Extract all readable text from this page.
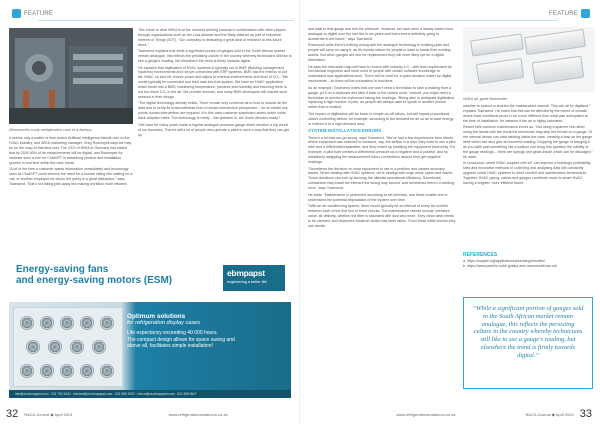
FEATURE
Woolworths rusty refrigeration rack in a factory

It seems only a matter of time before Artificial Intelligence bleeds over to the HVAC industry, and WIKA marketing manager, Greg Roszmyek says we may be on the cusp of that time now. The CEO of WIKA in Germany has stated that by 2030 80% of its measurements will be digital, and Roszmyek for instance sees a role for ChatGPT in answering product and installation queries in real time within the near future.

“A lot of the time a customer wants information immediately and technology such as ChatGPT could remove the need for a human sitting idle waiting for a call, or another employee for whom the query is a great distraction,” says Townsend. That's not taking jobs away but making workflow more efficient.

This future is what WIKA is at the moment working towards in collaboration with other players through organisations such as the Lora Alliance and the Misty Alliance as part of Industrial Internet of Things (IIOT). “Our company is dedicating a great deal of research to this future trend.”

Townsend explains that while a significant portion of gauges sold in the South African market remain analogue, this reflects the persisting culture in the country whereby technicians still like to see a gauge's reading, but elsewhere the trend is firmly towards digital.

He explains that digitisation of HVAC systems is typically run in BMS (Building management Systems) environments and not yet connected with ERP systems. BMS has the metrics to put the HVAC on and off, reduce power and adjust to external environments and level of CO₂. “We would typically be connected and feed data into that system. We have an HVAC application which feeds into a BMS, monitoring temperature, pressure and humidity and ensuring there is not too much CO₂ in the air. We provide sensors, and many BMS developers will include such sensors in their design.

“The digital technology already exists. There remain only concerns as to how to include all the data and to verify its trustworthiness from a human intersection perspective – for at certain key points human intervention are required. It is this area customer scepticism arises which holds back adoption rates. The technology is ready – the question is, are South Africans ready?

“We have for many years made a regular analogue pressure gauge which remains a big chunk of our business. There's still a lot of people who operate a plant in such a way that they can get up

Energy-saving fans
and energy-saving motors (ESM)
ebmpapst
engineering a better life
Optimum solutions
for refrigeration display cases
Life expectancy exceeding 40 000 hours.
The compact design allows for space saving and
above all, facilitates simple installation!
info@za.ebmpapst.com · 011 794 3434 · info.bm@za.ebmpapst.com · 031 569 1903 · info.ct@za.ebmpapst.com · 021 555 9547
32 RACA Journal ◆ April 2024	www.refrigerationandaircon.co.za
FEATURE

and walk to that gauge and see the pressure. However, we have seen a steady switch from analogue to digital over the last five to six years and that trend is definitely going to accelerate in the future,” says Townsend.

Roszmyek adds there's nothing wrong with the analogue technology in existing plant and people will carry on using it, as it's human nature for people to want to tweak their existing assets. But when gauges are due for replacement they will more likely opt for a digital alternative.

He says the education map will have to evolve with industry 4.0 – with less requirement for mechanical engineers and more need of people with certain software knowledge to understand how applications work. There will be need for a quick decision matrix by digital instruments – so there will be a transition in functions.

As an example, Townsend notes that one won't need a technician to take a reading from a gauge, jot it on a clipboard and take it back to the control room. Instead, you might need a technician to service the instrument taking the readings. “Being able to anticipate digitisation replacing a high number of jobs, as people will always want to speak to another person rather than a chatbot.

The impact of digitisation will be lower in simple on-off valves, but will impact proportional valves controlling airflow, for example, according to the demand for air so as to save energy or redirect it to a high-demand area.

SYSTEM INSTALLATION ERRORS

There's a lot that can go wrong, says Townsend. “We've had a few experiences from clients where equipment was selected to measure, say, the airflow in a duct: they want to use a pitot tube and a differential transmitter, and they ended up installing the equipment incorrectly. For example, a pitot tube creates a differential pressure as a negative and a positive, and by mistakenly swapping the measurement tubes connections around they get negative readings.

“Sometimes the decision on what equipment to use is a problem and causes accuracy issues. When dealing with HVAC systems, we're dealing with huge ducts, pipes and valves. These decisions can end up skewing the ultimate operational efficiency. Sometimes contractors may install the element the wrong way around, and sometimes there's a welding error,” says Townsend.

He adds: “Maintenance is performed according to set intervals, and these enable one to understand the potential degradation of the system over time.

“With an air-conditioning system, there would typically be an interval of every six months between each of the first two or three checks. The maintenance checks include: pressure value, air delivery, whether the filter is saturated with dust and more. They clean what needs to be cleaned, and document whatever action has been taken. From these initial checks they can decide

WIKA air-gride flowmeter

whether to extend or shorten the maintenance interval. This can all be digitised,” explains Townsend. He notes that this can be affected by the extent of climate where local conditions prove to be much different from what was anticipated at the time of installation, for instance if the air is highly saturated.

Recent bills common maintenance errors as, “Not using a spanner but rather using the hands with the result the technician may strip the thread on a gauge. Or the internal device can start twisting inside the case, creating a leak on the gauge itself which can also give an incorrect reading. Dropping the gauge or banging it as you walk past something like a toolbox can bring into question the validity of the gauge readings – there are springs and gears inside which can be dislodged,” he adds.

In conclusion, smart HVAC coupled with IoT can improve a building's profitability. New and innovative methods of collecting and analysing data will constantly upgrade smart HVAC systems to meet comfort and maintenance benchmarks. Together, HVAC piping, valves and gauges contribute much to smart HVAC having a brighter, more efficient future.

REFERENCES
a. https://copper.org/applications/plumbing/benefits/
b. https://www.particle.io/iot-guides-and-resources/hvac-iot/
“While a significant portion of gauges sold in the South African market remain analogue, this reflects the persisting culture in the country whereby technicians still like to see a gauge's reading, but elsewhere the trend is firmly towards digital.”
www.refrigerationandaircon.co.za	RACA Journal ◆ April 2024 33
